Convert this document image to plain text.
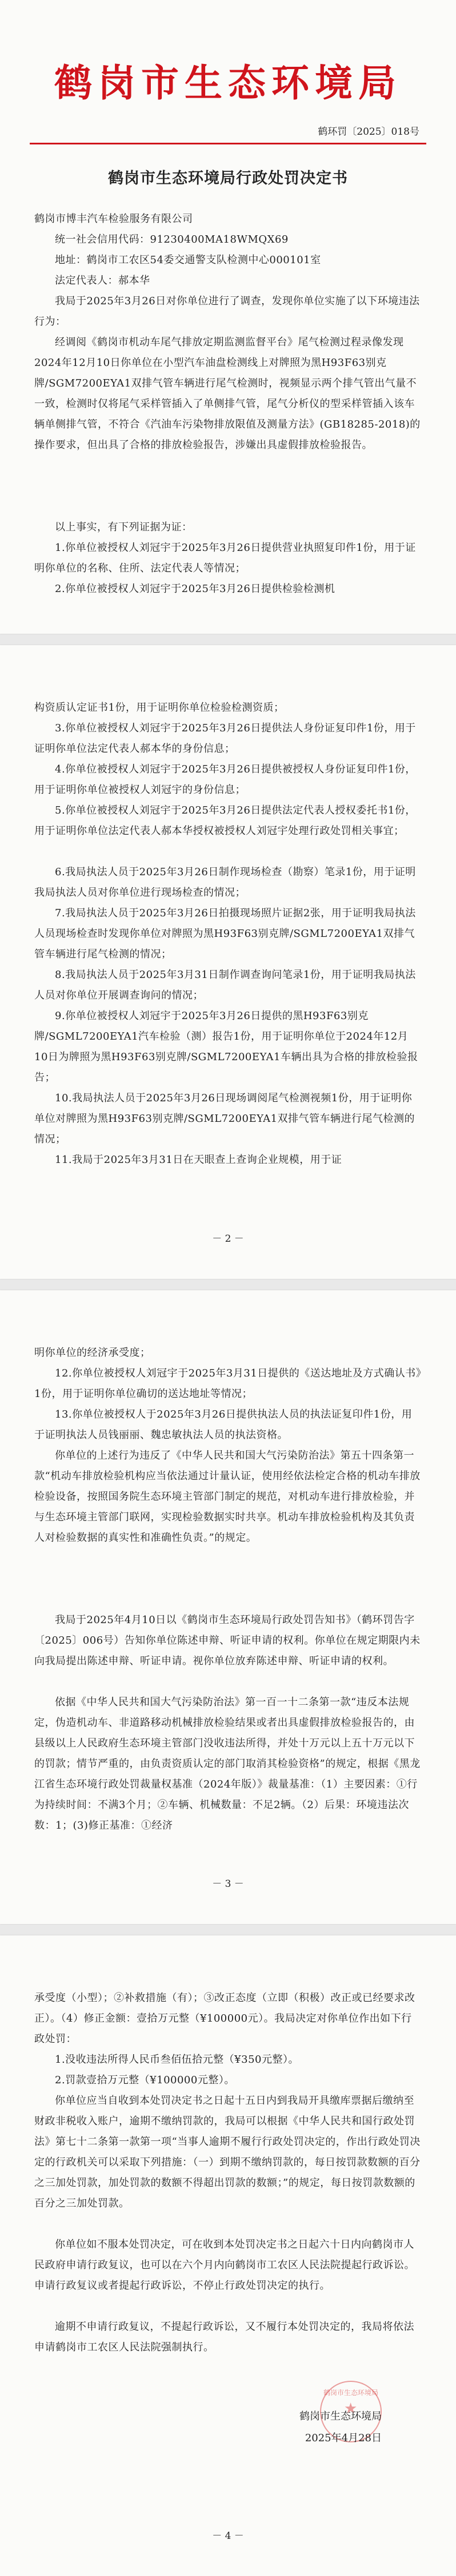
鹤岗市生态环境局
鹤环罚〔2025〕018号
鹤岗市生态环境局行政处罚决定书

鹤岗市博丰汽车检验服务有限公司

统一社会信用代码：91230400MA18WMQX69

地址：鹤岗市工农区54委交通警支队检测中心000101室

法定代表人：郝本华

我局于2025年3月26日对你单位进行了调查，发现你单位实施了以下环境违法行为：

经调阅《鹤岗市机动车尾气排放定期监测监督平台》尾气检测过程录像发现2024年12月10日你单位在小型汽车油盘检测线上对牌照为黑H93F63别克牌/SGM7200EYA1双排气管车辆进行尾气检测时，视频显示两个排气管出气量不一致，检测时仅将尾气采样管插入了单侧排气管，尾气分析仪的型采样管插入该车辆单侧排气管，不符合《汽油车污染物排放限值及测量方法》(GB18285-2018)的操作要求，但出具了合格的排放检验报告，涉嫌出具虚假排放检验报告。

以上事实，有下列证据为证：

1.你单位被授权人刘冠宇于2025年3月26日提供营业执照复印件1份，用于证明你单位的名称、住所、法定代表人等情况；

2.你单位被授权人刘冠宇于2025年3月26日提供检验检测机

构资质认定证书1份，用于证明你单位检验检测资质；

3.你单位被授权人刘冠宇于2025年3月26日提供法人身份证复印件1份，用于证明你单位法定代表人郝本华的身份信息；

4.你单位被授权人刘冠宇于2025年3月26日提供被授权人身份证复印件1份，用于证明你单位被授权人刘冠宇的身份信息；

5.你单位被授权人刘冠宇于2025年3月26日提供法定代表人授权委托书1份，用于证明你单位法定代表人郝本华授权被授权人刘冠宇处理行政处罚相关事宜；

6.我局执法人员于2025年3月26日制作现场检查（勘察）笔录1份，用于证明我局执法人员对你单位进行现场检查的情况；

7.我局执法人员于2025年3月26日拍摄现场照片证据2张，用于证明我局执法人员现场检查时发现你单位对牌照为黑H93F63别克牌/SGML7200EYA1双排气管车辆进行尾气检测的情况；

8.我局执法人员于2025年3月31日制作调查询问笔录1份，用于证明我局执法人员对你单位开展调查询问的情况；

9.你单位被授权人刘冠宇于2025年3月26日提供的黑H93F63别克牌/SGML7200EYA1汽车检验（测）报告1份，用于证明你单位于2024年12月10日为牌照为黑H93F63别克牌/SGML7200EYA1车辆出具为合格的排放检验报告；

10.我局执法人员于2025年3月26日现场调阅尾气检测视频1份，用于证明你单位对牌照为黑H93F63别克牌/SGML7200EYA1双排气管车辆进行尾气检测的情况；

11.我局于2025年3月31日在天眼查上查询企业规模，用于证

－ 2 －

明你单位的经济承受度；

12.你单位被授权人刘冠宇于2025年3月31日提供的《送达地址及方式确认书》1份，用于证明你单位确切的送达地址等情况；

13.你单位被授权人于2025年3月26日提供执法人员的执法证复印件1份，用于证明执法人员钱丽丽、魏忠敏执法人员的执法资格。

你单位的上述行为违反了《中华人民共和国大气污染防治法》第五十四条第一款“机动车排放检验机构应当依法通过计量认证，使用经依法检定合格的机动车排放检验设备，按照国务院生态环境主管部门制定的规范，对机动车进行排放检验，并与生态环境主管部门联网，实现检验数据实时共享。机动车排放检验机构及其负责人对检验数据的真实性和准确性负责。”的规定。

我局于2025年4月10日以《鹤岗市生态环境局行政处罚告知书》（鹤环罚告字〔2025〕006号）告知你单位陈述申辩、听证申请的权利。你单位在规定期限内未向我局提出陈述申辩、听证申请。视你单位放弃陈述申辩、听证申请的权利。

依据《中华人民共和国大气污染防治法》第一百一十二条第一款“违反本法规定，伪造机动车、非道路移动机械排放检验结果或者出具虚假排放检验报告的，由县级以上人民政府生态环境主管部门没收违法所得，并处十万元以上五十万元以下的罚款；情节严重的，由负责资质认定的部门取消其检验资格”的规定，根据《黑龙江省生态环境行政处罚裁量权基准（2024年版）》裁量基准：（1）主要因素：①行为持续时间：不满3个月；②车辆、机械数量：不足2辆。（2）后果：环境违法次数：1；(3)修正基准：①经济

－ 3 －

承受度（小型）；②补救措施（有）；③改正态度（立即（积极）改正或已经要求改正）。（4）修正金额：壹拾万元整（¥100000元）。我局决定对你单位作出如下行政处罚：

1.没收违法所得人民币叁佰伍拾元整（¥350元整）。

2.罚款壹拾万元整（¥100000元整）。

你单位应当自收到本处罚决定书之日起十五日内到我局开具缴库票据后缴纳至财政非税收入账户，逾期不缴纳罚款的，我局可以根据《中华人民共和国行政处罚法》第七十二条第一款第一项“当事人逾期不履行行政处罚决定的，作出行政处罚决定的行政机关可以采取下列措施：（一）到期不缴纳罚款的，每日按罚款数额的百分之三加处罚款，加处罚款的数额不得超出罚款的数额；”的规定，每日按罚款数额的百分之三加处罚款。

你单位如不服本处罚决定，可在收到本处罚决定书之日起六十日内向鹤岗市人民政府申请行政复议，也可以在六个月内向鹤岗市工农区人民法院提起行政诉讼。申请行政复议或者提起行政诉讼，不停止行政处罚决定的执行。

逾期不申请行政复议，不提起行政诉讼，又不履行本处罚决定的，我局将依法申请鹤岗市工农区人民法院强制执行。

鹤岗市生态环境局
★
鹤岗市生态环境局
2025年4月28日
－ 4 －
